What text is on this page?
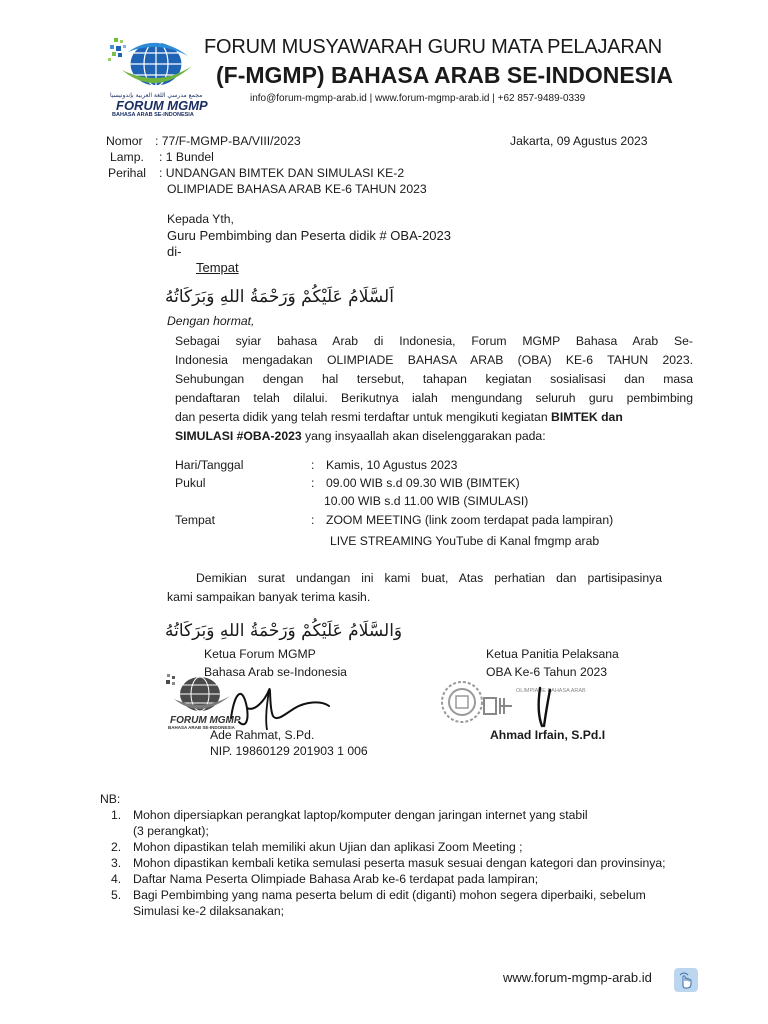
مجمع مدرسي اللغة العربية بإندونيسيا
FORUM MGMP
BAHASA ARAB SE-INDONESIA
FORUM MUSYAWARAH GURU MATA PELAJARAN
(F-MGMP) BAHASA ARAB SE-INDONESIA
info@forum-mgmp-arab.id | www.forum-mgmp-arab.id | +62 857-9489-0339
Nomor : 77/F-MGMP-BA/VIII/2023	Jakarta, 09 Agustus 2023
Lamp. : 1 Bundel
Perihal : UNDANGAN BIMTEK DAN SIMULASI KE-2
OLIMPIADE BAHASA ARAB KE-6 TAHUN 2023
Kepada Yth,
Guru Pembimbing dan Peserta didik # OBA-2023
di-
Tempat
اَلسَّلَامُ عَلَيْكُمْ وَرَحْمَةُ اللهِ وَبَرَكَاتُهُ
Dengan hormat,
Sebagai syiar bahasa Arab di Indonesia, Forum MGMP Bahasa Arab Se-
Indonesia mengadakan OLIMPIADE BAHASA ARAB (OBA) KE-6 TAHUN 2023.
Sehubungan dengan hal tersebut, tahapan kegiatan sosialisasi dan masa
pendaftaran telah dilalui. Berikutnya ialah mengundang seluruh guru pembimbing
dan peserta didik yang telah resmi terdaftar untuk mengikuti kegiatan BIMTEK dan
SIMULASI #OBA-2023 yang insyaallah akan diselenggarakan pada:
Hari/Tanggal	: Kamis, 10 Agustus 2023
Pukul	: 09.00 WIB s.d 09.30 WIB (BIMTEK)
10.00 WIB s.d 11.00 WIB (SIMULASI)
Tempat	: ZOOM MEETING (link zoom terdapat pada lampiran)
LIVE STREAMING YouTube di Kanal fmgmp arab
Demikian surat undangan ini kami buat, Atas perhatian dan partisipasinya
kami sampaikan banyak terima kasih.
وَالسَّلَامُ عَلَيْكُمْ وَرَحْمَةُ اللهِ وَبَرَكَاتُهُ
Ketua Forum MGMP
Bahasa Arab se-Indonesia
FORUM MGMP
BAHASA ARAB SE-INDONESIA
Ade Rahmat, S.Pd.
NIP. 19860129 201903 1 006
Ketua Panitia Pelaksana
OBA Ke-6 Tahun 2023
OLIMPIADE BAHASA ARAB
Ahmad Irfain, S.Pd.I
NB:
1. Mohon dipersiapkan perangkat laptop/komputer dengan jaringan internet yang stabil
(3 perangkat);
2. Mohon dipastikan telah memiliki akun Ujian dan aplikasi Zoom Meeting ;
3. Mohon dipastikan kembali ketika semulasi peserta masuk sesuai dengan kategori dan provinsinya;
4. Daftar Nama Peserta Olimpiade Bahasa Arab ke-6 terdapat pada lampiran;
5. Bagi Pembimbing yang nama peserta belum di edit (diganti) mohon segera diperbaiki, sebelum
Simulasi ke-2 dilaksanakan;
www.forum-mgmp-arab.id
